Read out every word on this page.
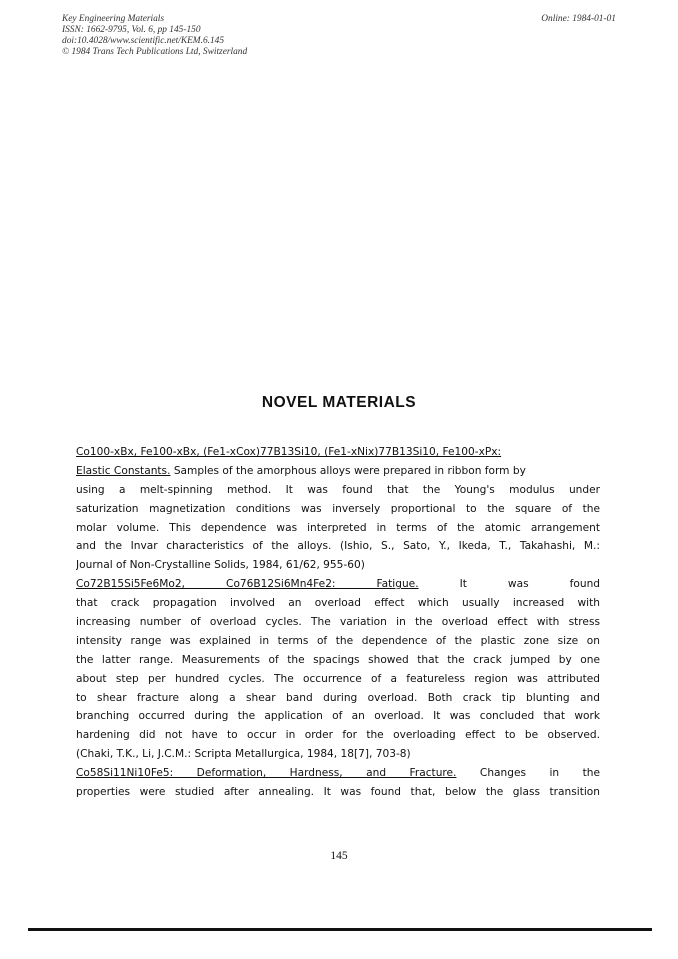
Key Engineering Materials
ISSN: 1662-9795, Vol. 6, pp 145-150
doi:10.4028/www.scientific.net/KEM.6.145
© 1984 Trans Tech Publications Ltd, Switzerland
Online: 1984-01-01
NOVEL MATERIALS
Co100-xBx, Fe100-xBx, (Fe1-xCox)77B13Si10, (Fe1-xNix)77B13Si10, Fe100-xPx:
Elastic Constants. Samples of the amorphous alloys were prepared in ribbon form by
using a melt-spinning method. It was found that the Young's modulus under
saturization magnetization conditions was inversely proportional to the square of the
molar volume. This dependence was interpreted in terms of the atomic arrangement
and the Invar characteristics of the alloys. (Ishio, S., Sato, Y., Ikeda, T., Takahashi, M.:
Journal of Non-Crystalline Solids, 1984, 61/62, 955-60)
Co72B15Si5Fe6Mo2, Co76B12Si6Mn4Fe2: Fatigue.	It was found
that crack propagation involved an overload effect which usually increased with
increasing number of overload cycles. The variation in the overload effect with stress
intensity range was explained in terms of the dependence of the plastic zone size on
the latter range. Measurements of the spacings showed that the crack jumped by one
about step per hundred cycles. The occurrence of a featureless region was attributed
to shear fracture along a shear band during overload. Both crack tip blunting and
branching occurred during the application of an overload. It was concluded that work
hardening did not have to occur in order for the overloading effect to be observed.
(Chaki, T.K., Li, J.C.M.: Scripta Metallurgica, 1984, 18[7], 703-8)
Co58Si11Ni10Fe5: Deformation, Hardness, and Fracture. Changes in the
properties were studied after annealing. It was found that, below the glass transition
145
